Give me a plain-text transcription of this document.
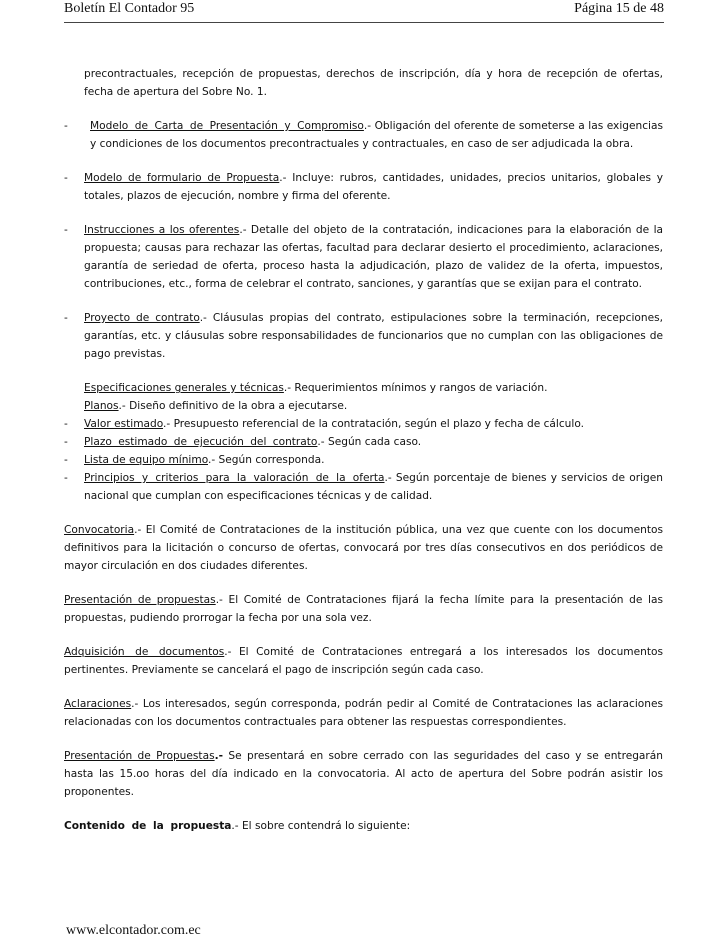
Boletín El Contador 95	Página 15 de 48
precontractuales, recepción de propuestas, derechos de inscripción, día y hora de recepción de ofertas, fecha de apertura del Sobre No. 1.
- Modelo de Carta de Presentación y Compromiso.- Obligación del oferente de someterse a las exigencias y condiciones de los documentos precontractuales y contractuales, en caso de ser adjudicada la obra.
- Modelo de formulario de Propuesta.- Incluye: rubros, cantidades, unidades, precios unitarios, globales y totales, plazos de ejecución, nombre y firma del oferente.
- Instrucciones a los oferentes.- Detalle del objeto de la contratación, indicaciones para la elaboración de la propuesta; causas para rechazar las ofertas, facultad para declarar desierto el procedimiento, aclaraciones, garantía de seriedad de oferta, proceso hasta la adjudicación, plazo de validez de la oferta, impuestos, contribuciones, etc., forma de celebrar el contrato, sanciones, y garantías que se exijan para el contrato.
- Proyecto de contrato.- Cláusulas propias del contrato, estipulaciones sobre la terminación, recepciones, garantías, etc. y cláusulas sobre responsabilidades de funcionarios que no cumplan con las obligaciones de pago previstas.
Especificaciones generales y técnicas.- Requerimientos mínimos y rangos de variación.
Planos.- Diseño definitivo de la obra a ejecutarse.
- Valor estimado.- Presupuesto referencial de la contratación, según el plazo y fecha de cálculo.
- Plazo estimado de ejecución del contrato.- Según cada caso.
- Lista de equipo mínimo.- Según corresponda.
- Principios y criterios para la valoración de la oferta.- Según porcentaje de bienes y servicios de origen nacional que cumplan con especificaciones técnicas y de calidad.
Convocatoria.- El Comité de Contrataciones de la institución pública, una vez que cuente con los documentos definitivos para la licitación o concurso de ofertas, convocará por tres días consecutivos en dos periódicos de mayor circulación en dos ciudades diferentes.
Presentación de propuestas.- El Comité de Contrataciones fijará la fecha límite para la presentación de las propuestas, pudiendo prorrogar la fecha por una sola vez.
Adquisición de documentos.- El Comité de Contrataciones entregará a los interesados los documentos pertinentes. Previamente se cancelará el pago de inscripción según cada caso.
Aclaraciones.- Los interesados, según corresponda, podrán pedir al Comité de Contrataciones las aclaraciones relacionadas con los documentos contractuales para obtener las respuestas correspondientes.
Presentación de Propuestas.- Se presentará en sobre cerrado con las seguridades del caso y se entregarán hasta las 15.oo horas del día indicado en la convocatoria. Al acto de apertura del Sobre podrán asistir los proponentes.
Contenido de la propuesta.- El sobre contendrá lo siguiente:
www.elcontador.com.ec
